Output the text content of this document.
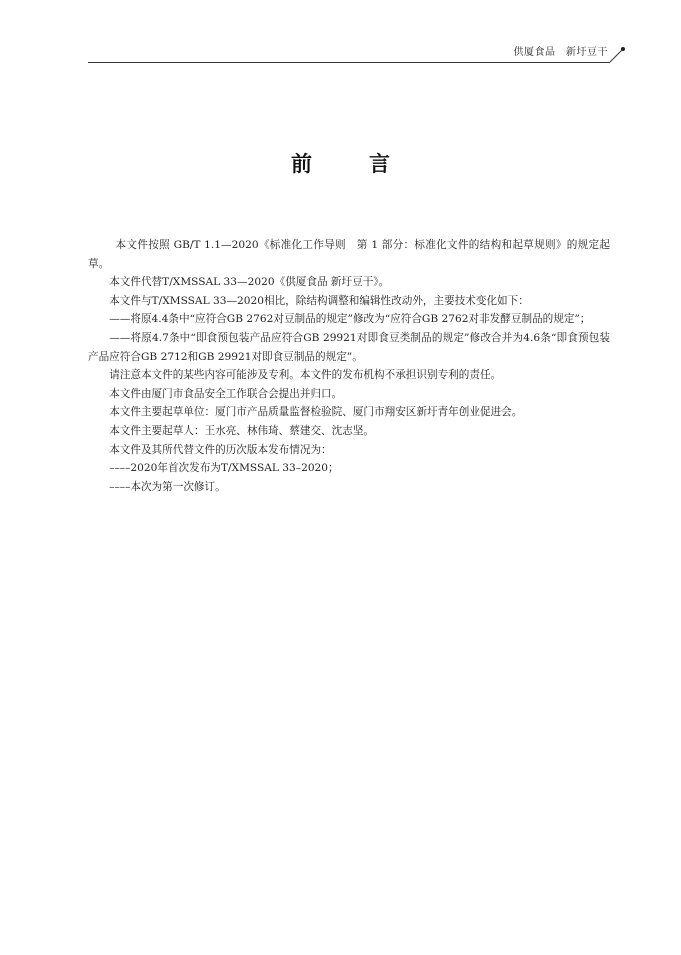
供厦食品　新圩豆干
前　言

本文件按照 GB/T 1.1—2020《标准化工作导则　第 1 部分：标准化文件的结构和起草规则》的规定起草。

本文件代替T/XMSSAL 33—2020《供厦食品 新圩豆干》。

本文件与T/XMSSAL 33—2020相比，除结构调整和编辑性改动外，主要技术变化如下：

——将原4.4条中“应符合GB 2762对豆制品的规定”修改为“应符合GB 2762对非发酵豆制品的规定”；

——将原4.7条中“即食预包装产品应符合GB 29921对即食豆类制品的规定”修改合并为4.6条“即食预包装产品应符合GB 2712和GB 29921对即食豆制品的规定”。

请注意本文件的某些内容可能涉及专利。本文件的发布机构不承担识别专利的责任。

本文件由厦门市食品安全工作联合会提出并归口。

本文件主要起草单位：厦门市产品质量监督检验院、厦门市翔安区新圩青年创业促进会。

本文件主要起草人：王水亮、林伟琦、蔡建交、沈志坚。

本文件及其所代替文件的历次版本发布情况为：

––––2020年首次发布为T/XMSSAL 33–2020；

––––本次为第一次修订。
